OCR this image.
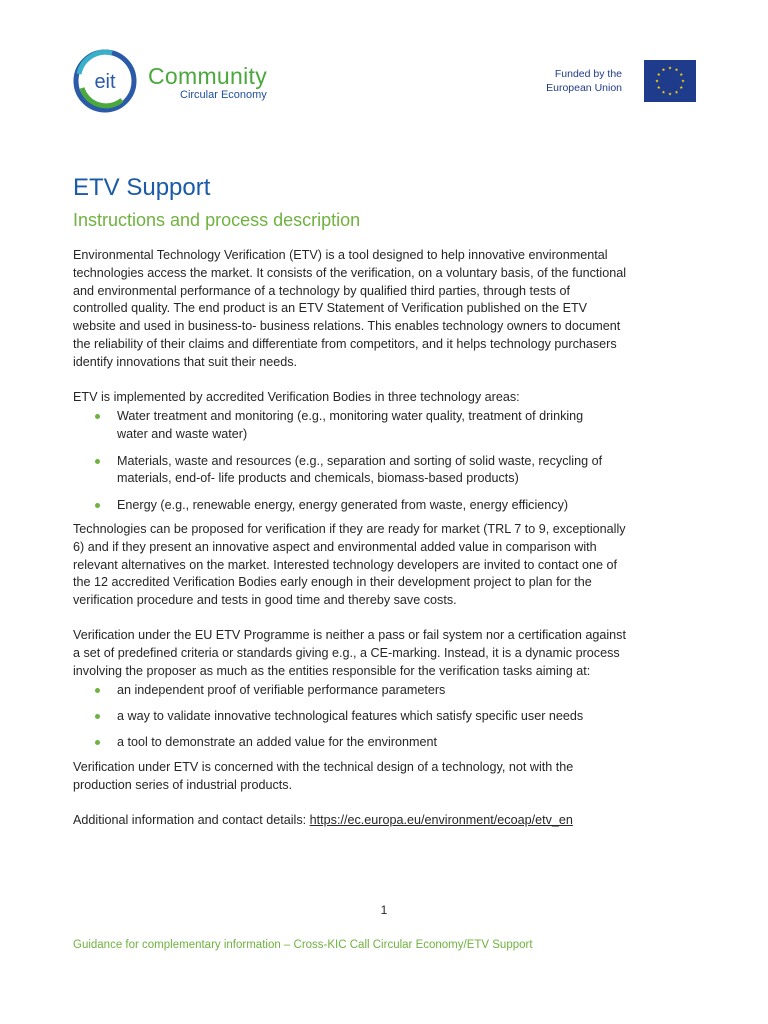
eit Community
Circular Economy
Funded by the
European Union
ETV Support
Instructions and process description

Environmental Technology Verification (ETV) is a tool designed to help innovative environmental

technologies access the market. It consists of the verification, on a voluntary basis, of the functional

and environmental performance of a technology by qualified third parties, through tests of

controlled quality. The end product is an ETV Statement of Verification published on the ETV

website and used in business-to- business relations. This enables technology owners to document

the reliability of their claims and differentiate from competitors, and it helps technology purchasers

identify innovations that suit their needs.

ETV is implemented by accredited Verification Bodies in three technology areas:
Water treatment and monitoring (e.g., monitoring water quality, treatment of drinking
water and waste water)
Materials, waste and resources (e.g., separation and sorting of solid waste, recycling of
materials, end-of- life products and chemicals, biomass-based products)
Energy (e.g., renewable energy, energy generated from waste, energy efficiency)

Technologies can be proposed for verification if they are ready for market (TRL 7 to 9, exceptionally

6) and if they present an innovative aspect and environmental added value in comparison with

relevant alternatives on the market. Interested technology developers are invited to contact one of

the 12 accredited Verification Bodies early enough in their development project to plan for the

verification procedure and tests in good time and thereby save costs.

Verification under the EU ETV Programme is neither a pass or fail system nor a certification against

a set of predefined criteria or standards giving e.g., a CE-marking. Instead, it is a dynamic process

involving the proposer as much as the entities responsible for the verification tasks aiming at:

an independent proof of verifiable performance parameters
a way to validate innovative technological features which satisfy specific user needs
a tool to demonstrate an added value for the environment

Verification under ETV is concerned with the technical design of a technology, not with the

production series of industrial products.

Additional information and contact details: https://ec.europa.eu/environment/ecoap/etv_en
1
Guidance for complementary information – Cross-KIC Call Circular Economy/ETV Support
